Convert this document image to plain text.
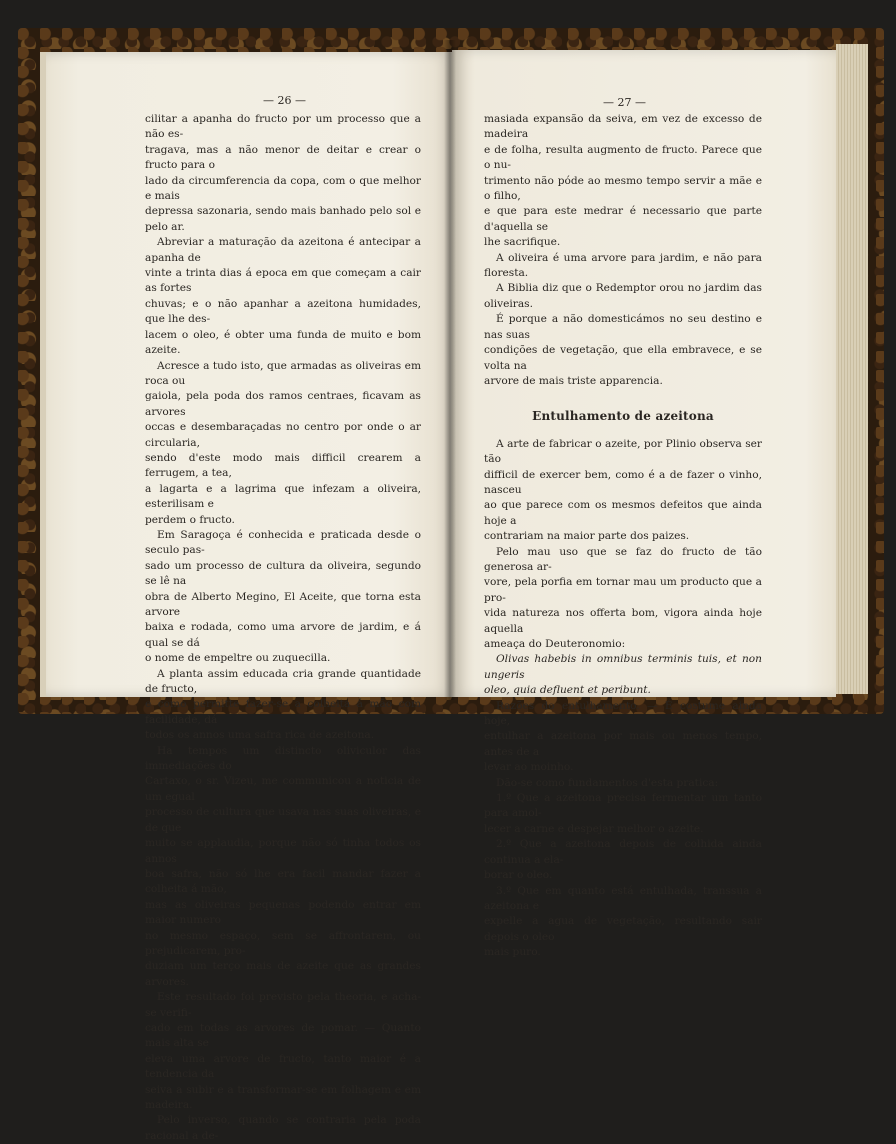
— 26 —	— 27 —

cilitar a apanha do fructo por um processo que a não es-

tragava, mas a não menor de deitar e crear o fructo para o

lado da circumferencia da copa, com o que melhor e mais

depressa sazonaria, sendo mais banhado pelo sol e pelo ar.

Abreviar a maturação da azeitona é antecipar a apanha de

vinte a trinta dias á epoca em que começam a cair as fortes

chuvas; e o não apanhar a azeitona humidades, que lhe des-

lacem o oleo, é obter uma funda de muito e bom azeite.

Acresce a tudo isto, que armadas as oliveiras em roca ou

gaiola, pela poda dos ramos centraes, ficavam as arvores

occas e desembaraçadas no centro por onde o ar circularia,

sendo d'este modo mais difficil crearem a ferrugem, a tea,

a lagarta e a lagrima que infezam a oliveira, esterilisam e

perdem o fructo.

Em Saragoça é conhecida e praticada desde o seculo pas-

sado um processo de cultura da oliveira, segundo se lê na

obra de Alberto Megino, El Aceite, que torna esta arvore

baixa e rodada, como uma arvore de jardim, e á qual se dá

o nome de empeltre ou zuquecilla.

A planta assim educada cria grande quantidade de fructo,

e como permitte fazer-se a colheita á mão com facilidade, dá

todos os annos uma safra rica de azeitona.

Ha tempos um distincto oliviculor das immediações do

Cartaxo, o sr. Vizeu, me communicou a noticia de um egual

processo de cultura que usava nas suas oliveiras, e de que

muito se applaudia, porque não só tinha todos os annos

boa safra, não só lhe era facil mandar fazer a colheita á mão,

mas as oliveiras pequenas podendo entrar em maior numero

no mesmo espaço, sem se affrontarem, ou prejudicarem, pro-

duziam um terço mais de azeite que as grandes arvores.

Este resultado foi previsto pela theoria, e acha-se verifi-

cado em todas as arvores de pomar. — Quanto mais alta se

eleva uma arvore de fructo, tanto maior é a tendencia da

seiva a subir e a transformar-se em folhagem e em madeira.

Pelo inverso, quando se contraria pela poda racional a de-

masiada expansão da seiva, em vez de excesso de madeira

e de folha, resulta augmento de fructo. Parece que o nu-

trimento não póde ao mesmo tempo servir a mãe e o filho,

e que para este medrar é necessario que parte d'aquella se

lhe sacrifique.

A oliveira é uma arvore para jardim, e não para floresta.

A Biblia diz que o Redemptor orou no jardim das oliveiras.

É porque a não domesticámos no seu destino e nas suas

condições de vegetação, que ella embravece, e se volta na

arvore de mais triste apparencia.

Entulhamento de azeitona

A arte de fabricar o azeite, por Plinio observa ser tão

difficil de exercer bem, como é a de fazer o vinho, nasceu

ao que parece com os mesmos defeitos que ainda hoje a

contrariam na maior parte dos paizes.

Pelo mau uso que se faz do fructo de tão generosa ar-

vore, pela porfia em tornar mau um producto que a pro-

vida natureza nos offerta bom, vigora ainda hoje aquella

ameaça do Deuteronomio:

Olivas habebis in omnibus terminis tuis, et non ungeris

oleo, quia defluent et peribunt.

Razões do entulhamento. — É costume ainda hoje,

entulhar a azeitona por mais ou menos tempo, antes de a

levar ao moinho.

Dão-se como fundamentos d'esta pratica:

1.º Que a azeitona precisa fermentar um tanto para amol-

lecer a carne e despejar melhor o azeite.

2.º Que a azeitona depois de colhida ainda continua a ela-

borar o oleo.

3.º Que em quanto está entulhada, transsua a azeitona e

expelle a agua de vegetação, resultando sair depois o oleo

mais puro.
